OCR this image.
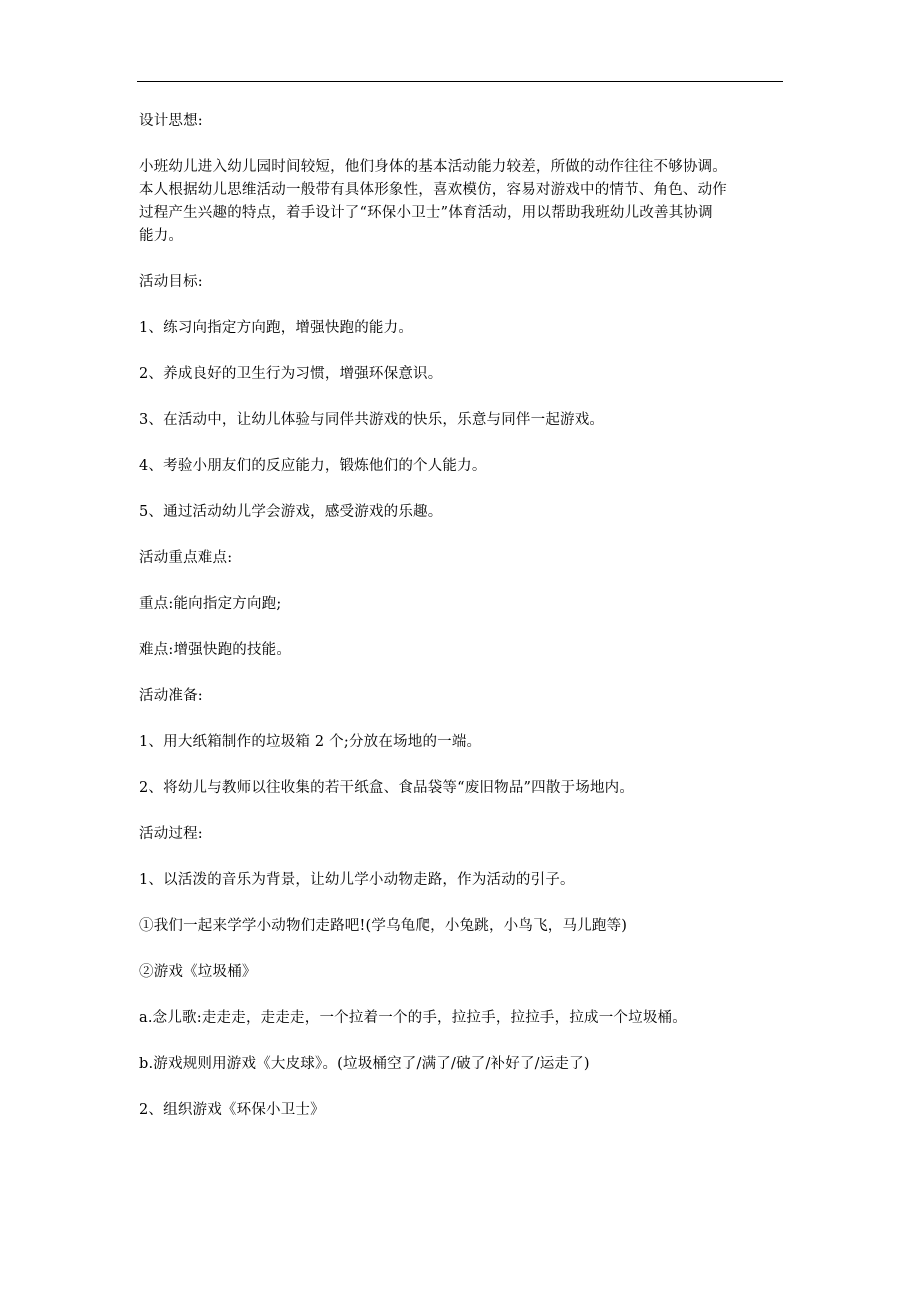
设计思想:

小班幼儿进入幼儿园时间较短，他们身体的基本活动能力较差，所做的动作往往不够协调。
本人根据幼儿思维活动一般带有具体形象性，喜欢模仿，容易对游戏中的情节、角色、动作
过程产生兴趣的特点，着手设计了“环保小卫士”体育活动，用以帮助我班幼儿改善其协调
能力。

活动目标:

1、练习向指定方向跑，增强快跑的能力。

2、养成良好的卫生行为习惯，增强环保意识。

3、在活动中，让幼儿体验与同伴共游戏的快乐，乐意与同伴一起游戏。

4、考验小朋友们的反应能力，锻炼他们的个人能力。

5、通过活动幼儿学会游戏，感受游戏的乐趣。

活动重点难点:

重点:能向指定方向跑;

难点:增强快跑的技能。

活动准备:

1、用大纸箱制作的垃圾箱 2 个;分放在场地的一端。

2、将幼儿与教师以往收集的若干纸盒、食品袋等“废旧物品”四散于场地内。

活动过程:

1、以活泼的音乐为背景，让幼儿学小动物走路，作为活动的引子。

①我们一起来学学小动物们走路吧!(学乌龟爬，小兔跳，小鸟飞，马儿跑等)

②游戏《垃圾桶》

a.念儿歌:走走走，走走走，一个拉着一个的手，拉拉手，拉拉手，拉成一个垃圾桶。

b.游戏规则用游戏《大皮球》。(垃圾桶空了/满了/破了/补好了/运走了)

2、组织游戏《环保小卫士》
